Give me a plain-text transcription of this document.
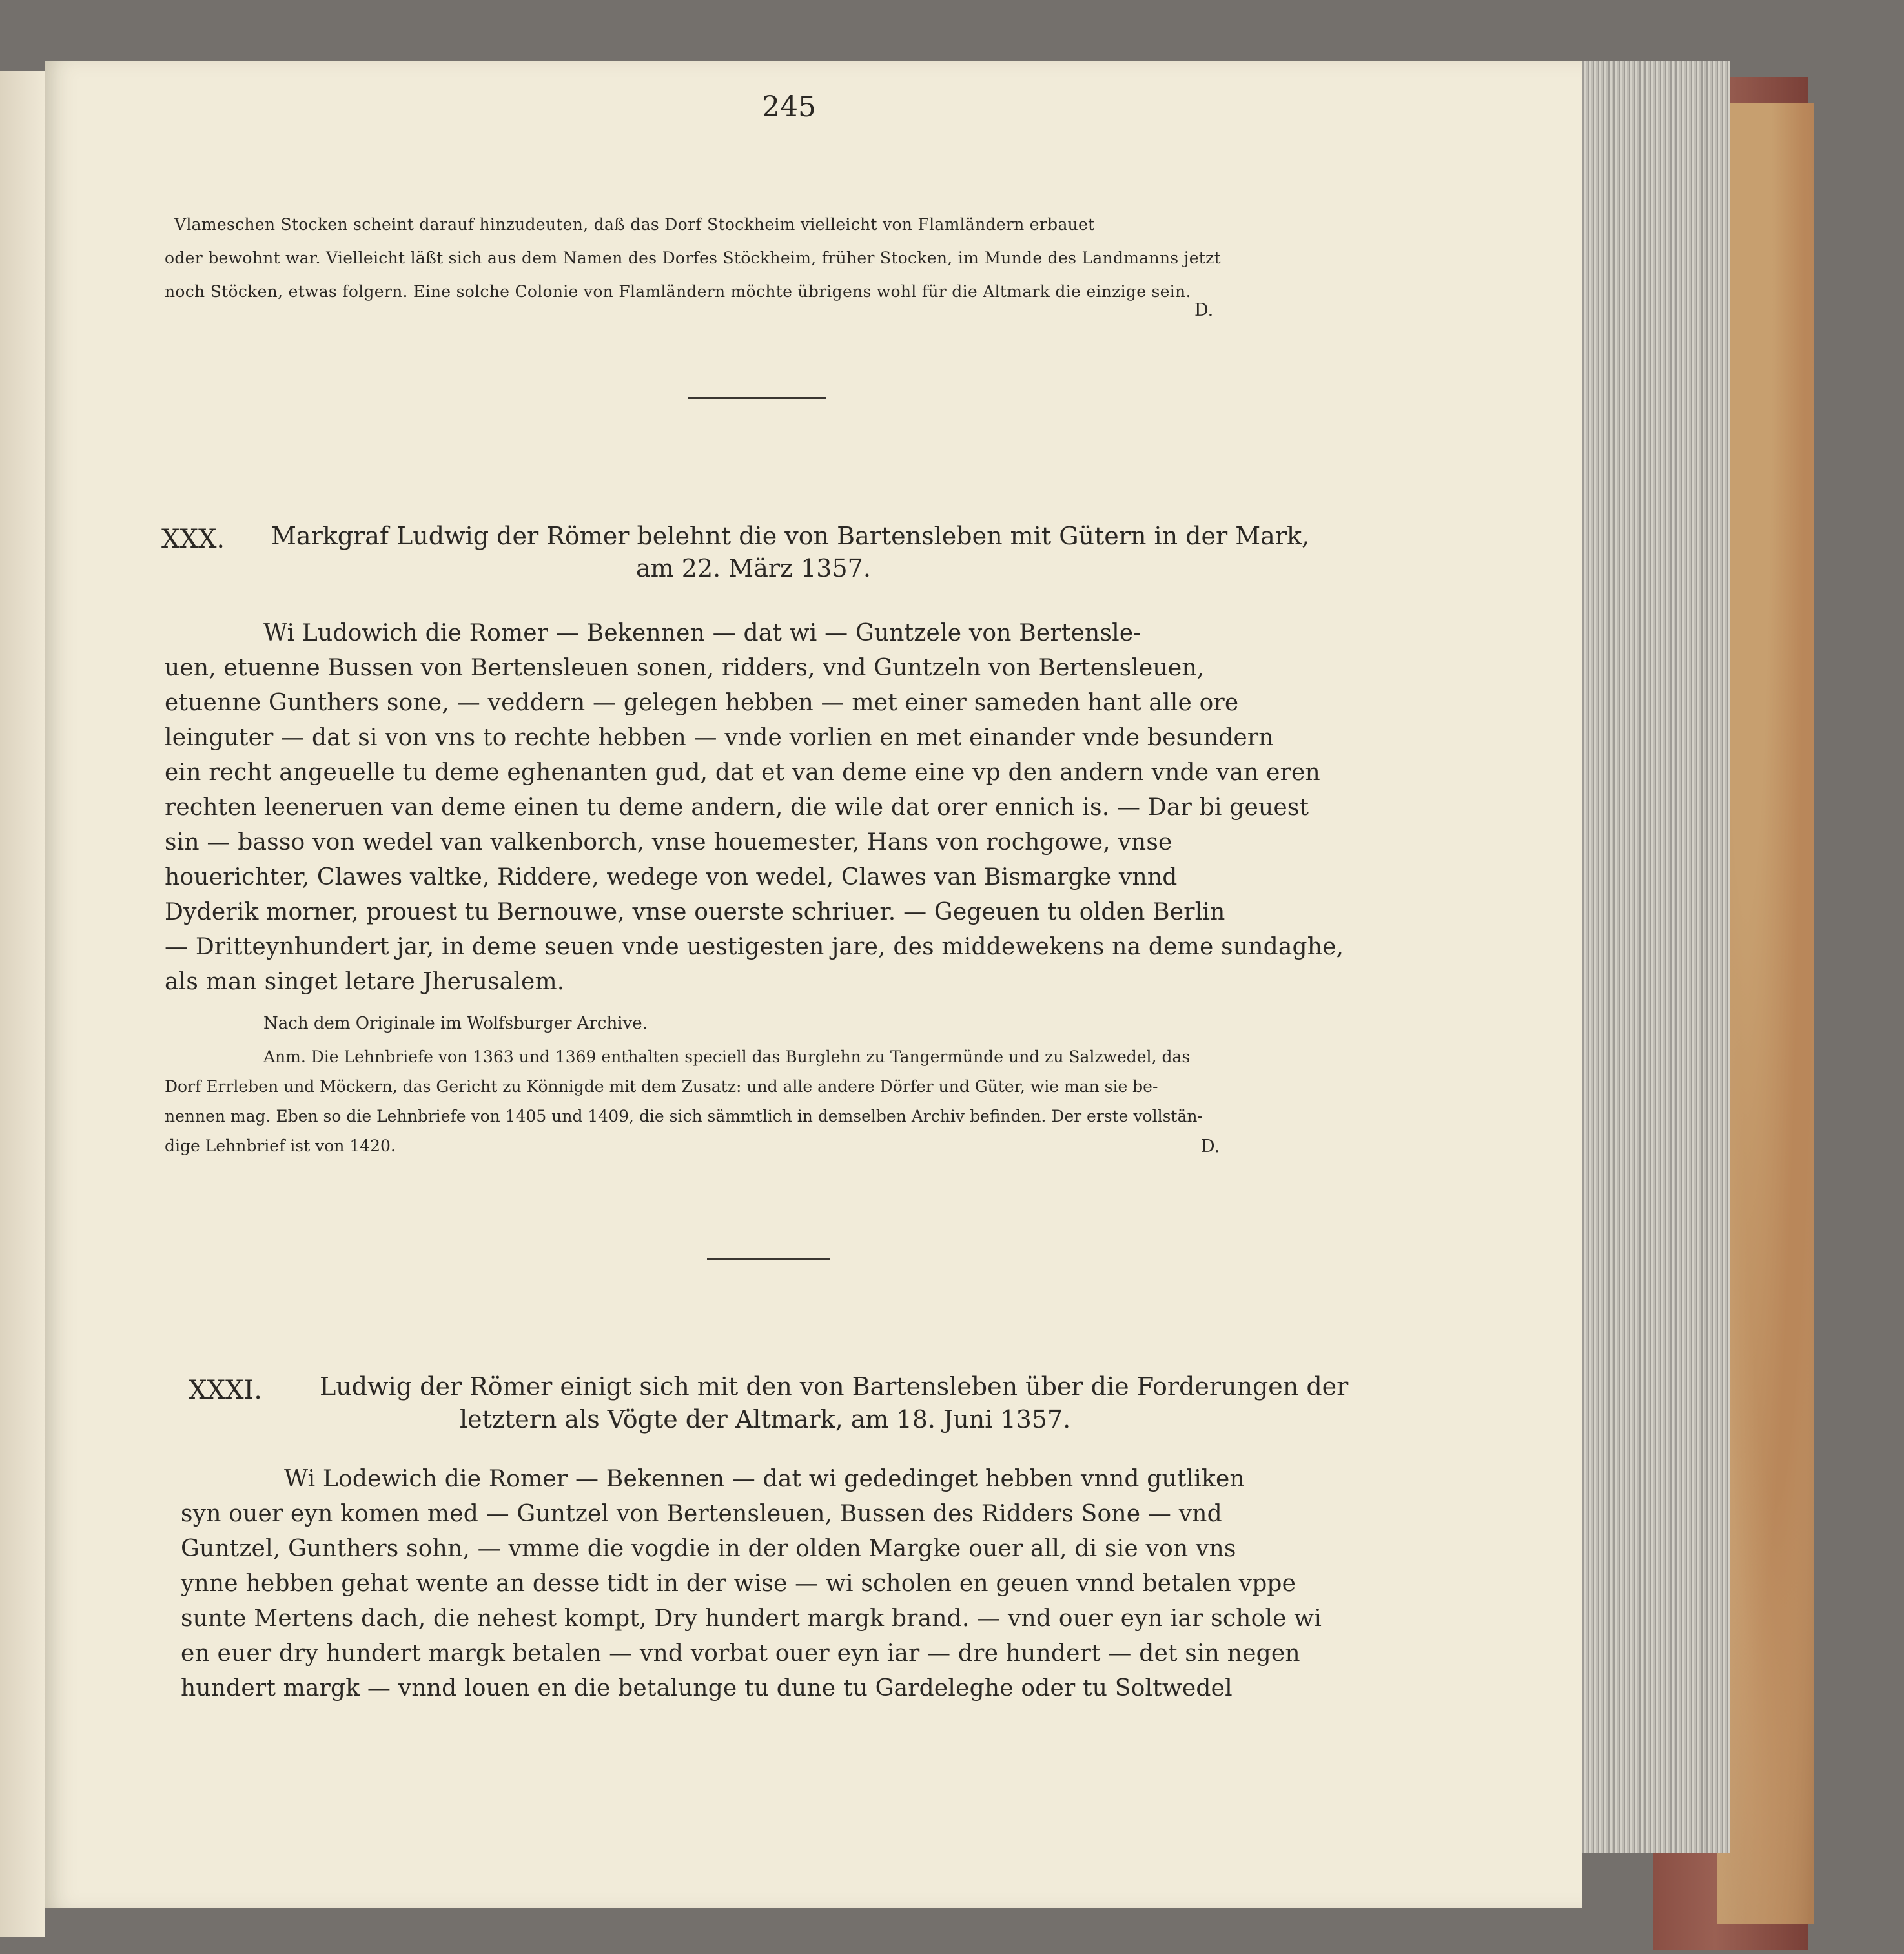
245
Vlameschen Stocken scheint darauf hinzudeuten, daß das Dorf Stockheim vielleicht von Flamländern erbauet
oder bewohnt war. Vielleicht läßt sich aus dem Namen des Dorfes Stöckheim, früher Stocken, im Munde des Landmanns jetzt
noch Stöcken, etwas folgern. Eine solche Colonie von Flamländern möchte übrigens wohl für die Altmark die einzige sein.
D.
XXX. Markgraf Ludwig der Römer belehnt die von Bartensleben mit Gütern in der Mark,
am 22. März 1357.
Wi Ludowich die Romer — Bekennen — dat wi — Guntzele von Bertensle-
uen, etuenne Bussen von Bertensleuen sonen, ridders, vnd Guntzeln von Bertensleuen,
etuenne Gunthers sone, — veddern — gelegen hebben — met einer sameden hant alle ore
leinguter — dat si von vns to rechte hebben — vnde vorlien en met einander vnde besundern
ein recht angeuelle tu deme eghenanten gud, dat et van deme eine vp den andern vnde van eren
rechten leeneruen van deme einen tu deme andern, die wile dat orer ennich is. — Dar bi geuest
sin — basso von wedel van valkenborch, vnse houemester, Hans von rochgowe, vnse
houerichter, Clawes valtke, Riddere, wedege von wedel, Clawes van Bismargke vnnd
Dyderik morner, prouest tu Bernouwe, vnse ouerste schriuer. — Gegeuen tu olden Berlin
— Dritteynhundert jar, in deme seuen vnde uestigesten jare, des middewekens na deme sundaghe,
als man singet letare Jherusalem.
Nach dem Originale im Wolfsburger Archive.
Anm. Die Lehnbriefe von 1363 und 1369 enthalten speciell das Burglehn zu Tangermünde und zu Salzwedel, das
Dorf Errleben und Möckern, das Gericht zu Könnigde mit dem Zusatz: und alle andere Dörfer und Güter, wie man sie be-
nennen mag. Eben so die Lehnbriefe von 1405 und 1409, die sich sämmtlich in demselben Archiv befinden. Der erste vollstän-
dige Lehnbrief ist von 1420.	D.
XXXI. Ludwig der Römer einigt sich mit den von Bartensleben über die Forderungen der
letztern als Vögte der Altmark, am 18. Juni 1357.
Wi Lodewich die Romer — Bekennen — dat wi gededinget hebben vnnd gutliken
syn ouer eyn komen med — Guntzel von Bertensleuen, Bussen des Ridders Sone — vnd
Guntzel, Gunthers sohn, — vmme die vogdie in der olden Margke ouer all, di sie von vns
ynne hebben gehat wente an desse tidt in der wise — wi scholen en geuen vnnd betalen vppe
sunte Mertens dach, die nehest kompt, Dry hundert margk brand. — vnd ouer eyn iar schole wi
en euer dry hundert margk betalen — vnd vorbat ouer eyn iar — dre hundert — det sin negen
hundert margk — vnnd louen en die betalunge tu dune tu Gardeleghe oder tu Soltwedel
